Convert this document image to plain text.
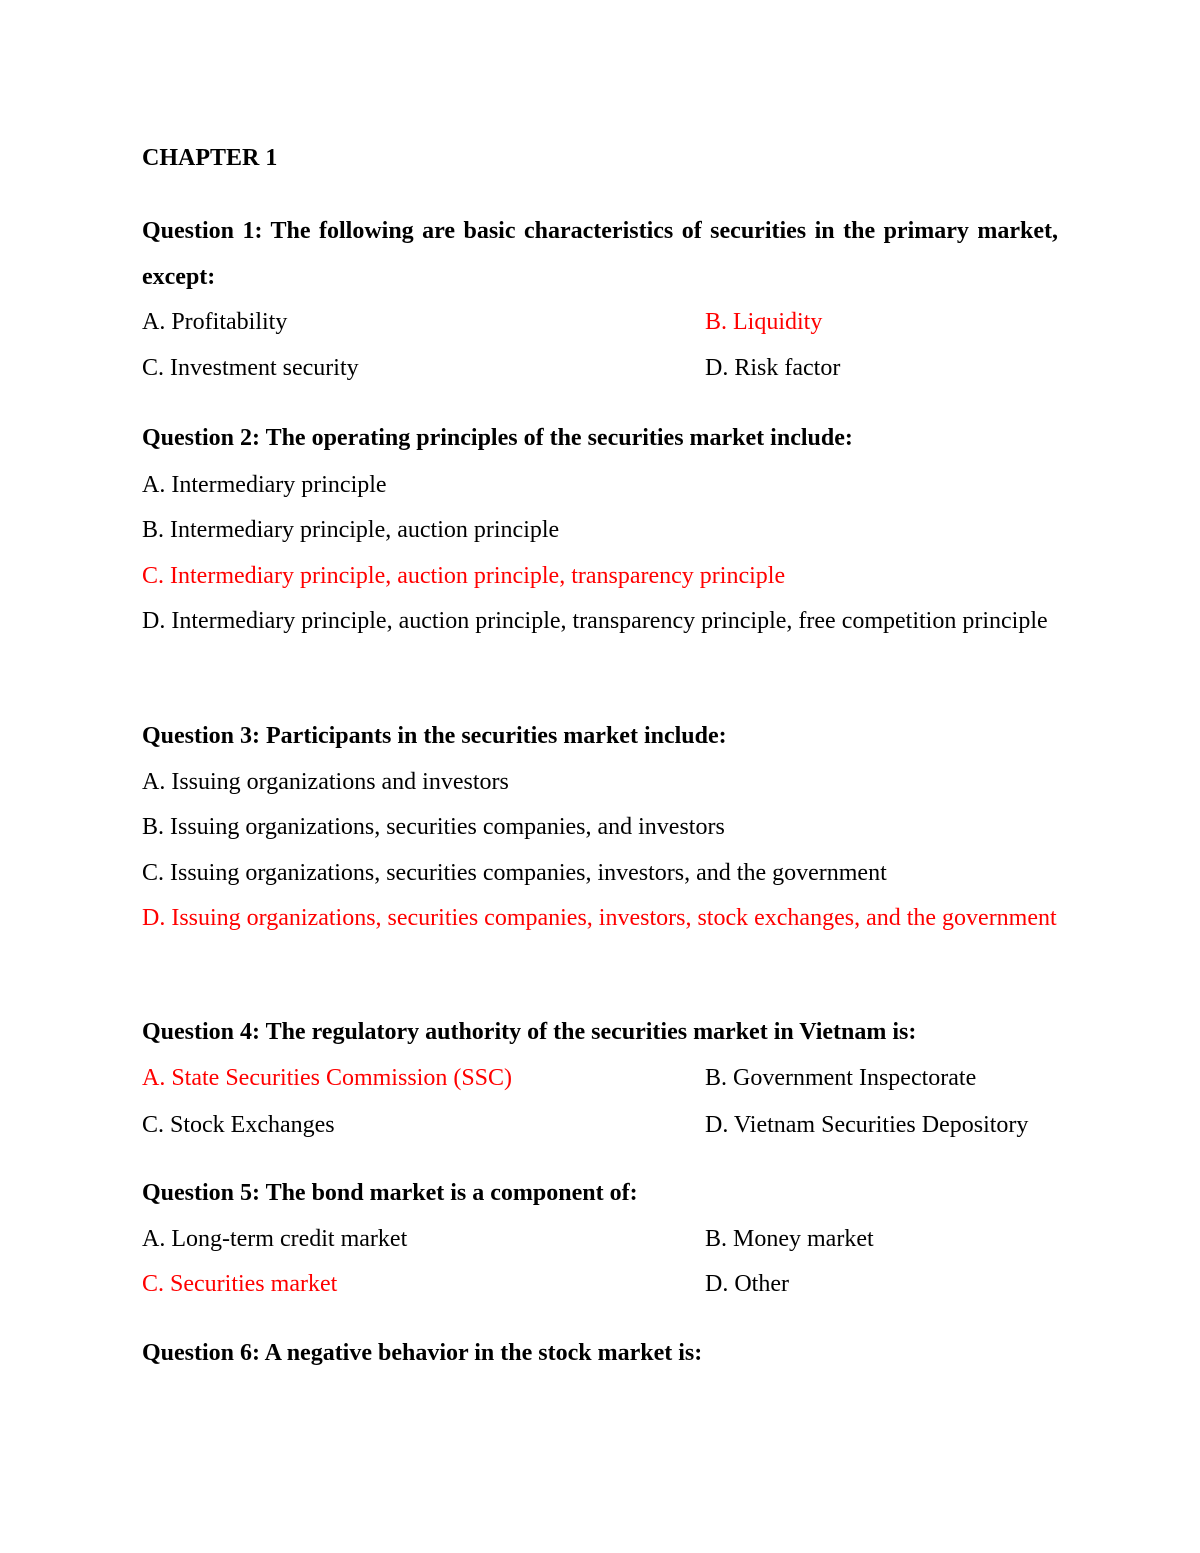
CHAPTER 1
Question 1: The following are basic characteristics of securities in the primary market, except:
A. Profitability	B. Liquidity
C. Investment security	D. Risk factor
Question 2: The operating principles of the securities market include:
A. Intermediary principle
B. Intermediary principle, auction principle
C. Intermediary principle, auction principle, transparency principle
D. Intermediary principle, auction principle, transparency principle, free competition principle
Question 3: Participants in the securities market include:
A. Issuing organizations and investors
B. Issuing organizations, securities companies, and investors
C. Issuing organizations, securities companies, investors, and the government
D. Issuing organizations, securities companies, investors, stock exchanges, and the government
Question 4: The regulatory authority of the securities market in Vietnam is:
A. State Securities Commission (SSC)	B. Government Inspectorate
C. Stock Exchanges	D. Vietnam Securities Depository
Question 5: The bond market is a component of:
A. Long-term credit market	B. Money market
C. Securities market	D. Other
Question 6: A negative behavior in the stock market is:
